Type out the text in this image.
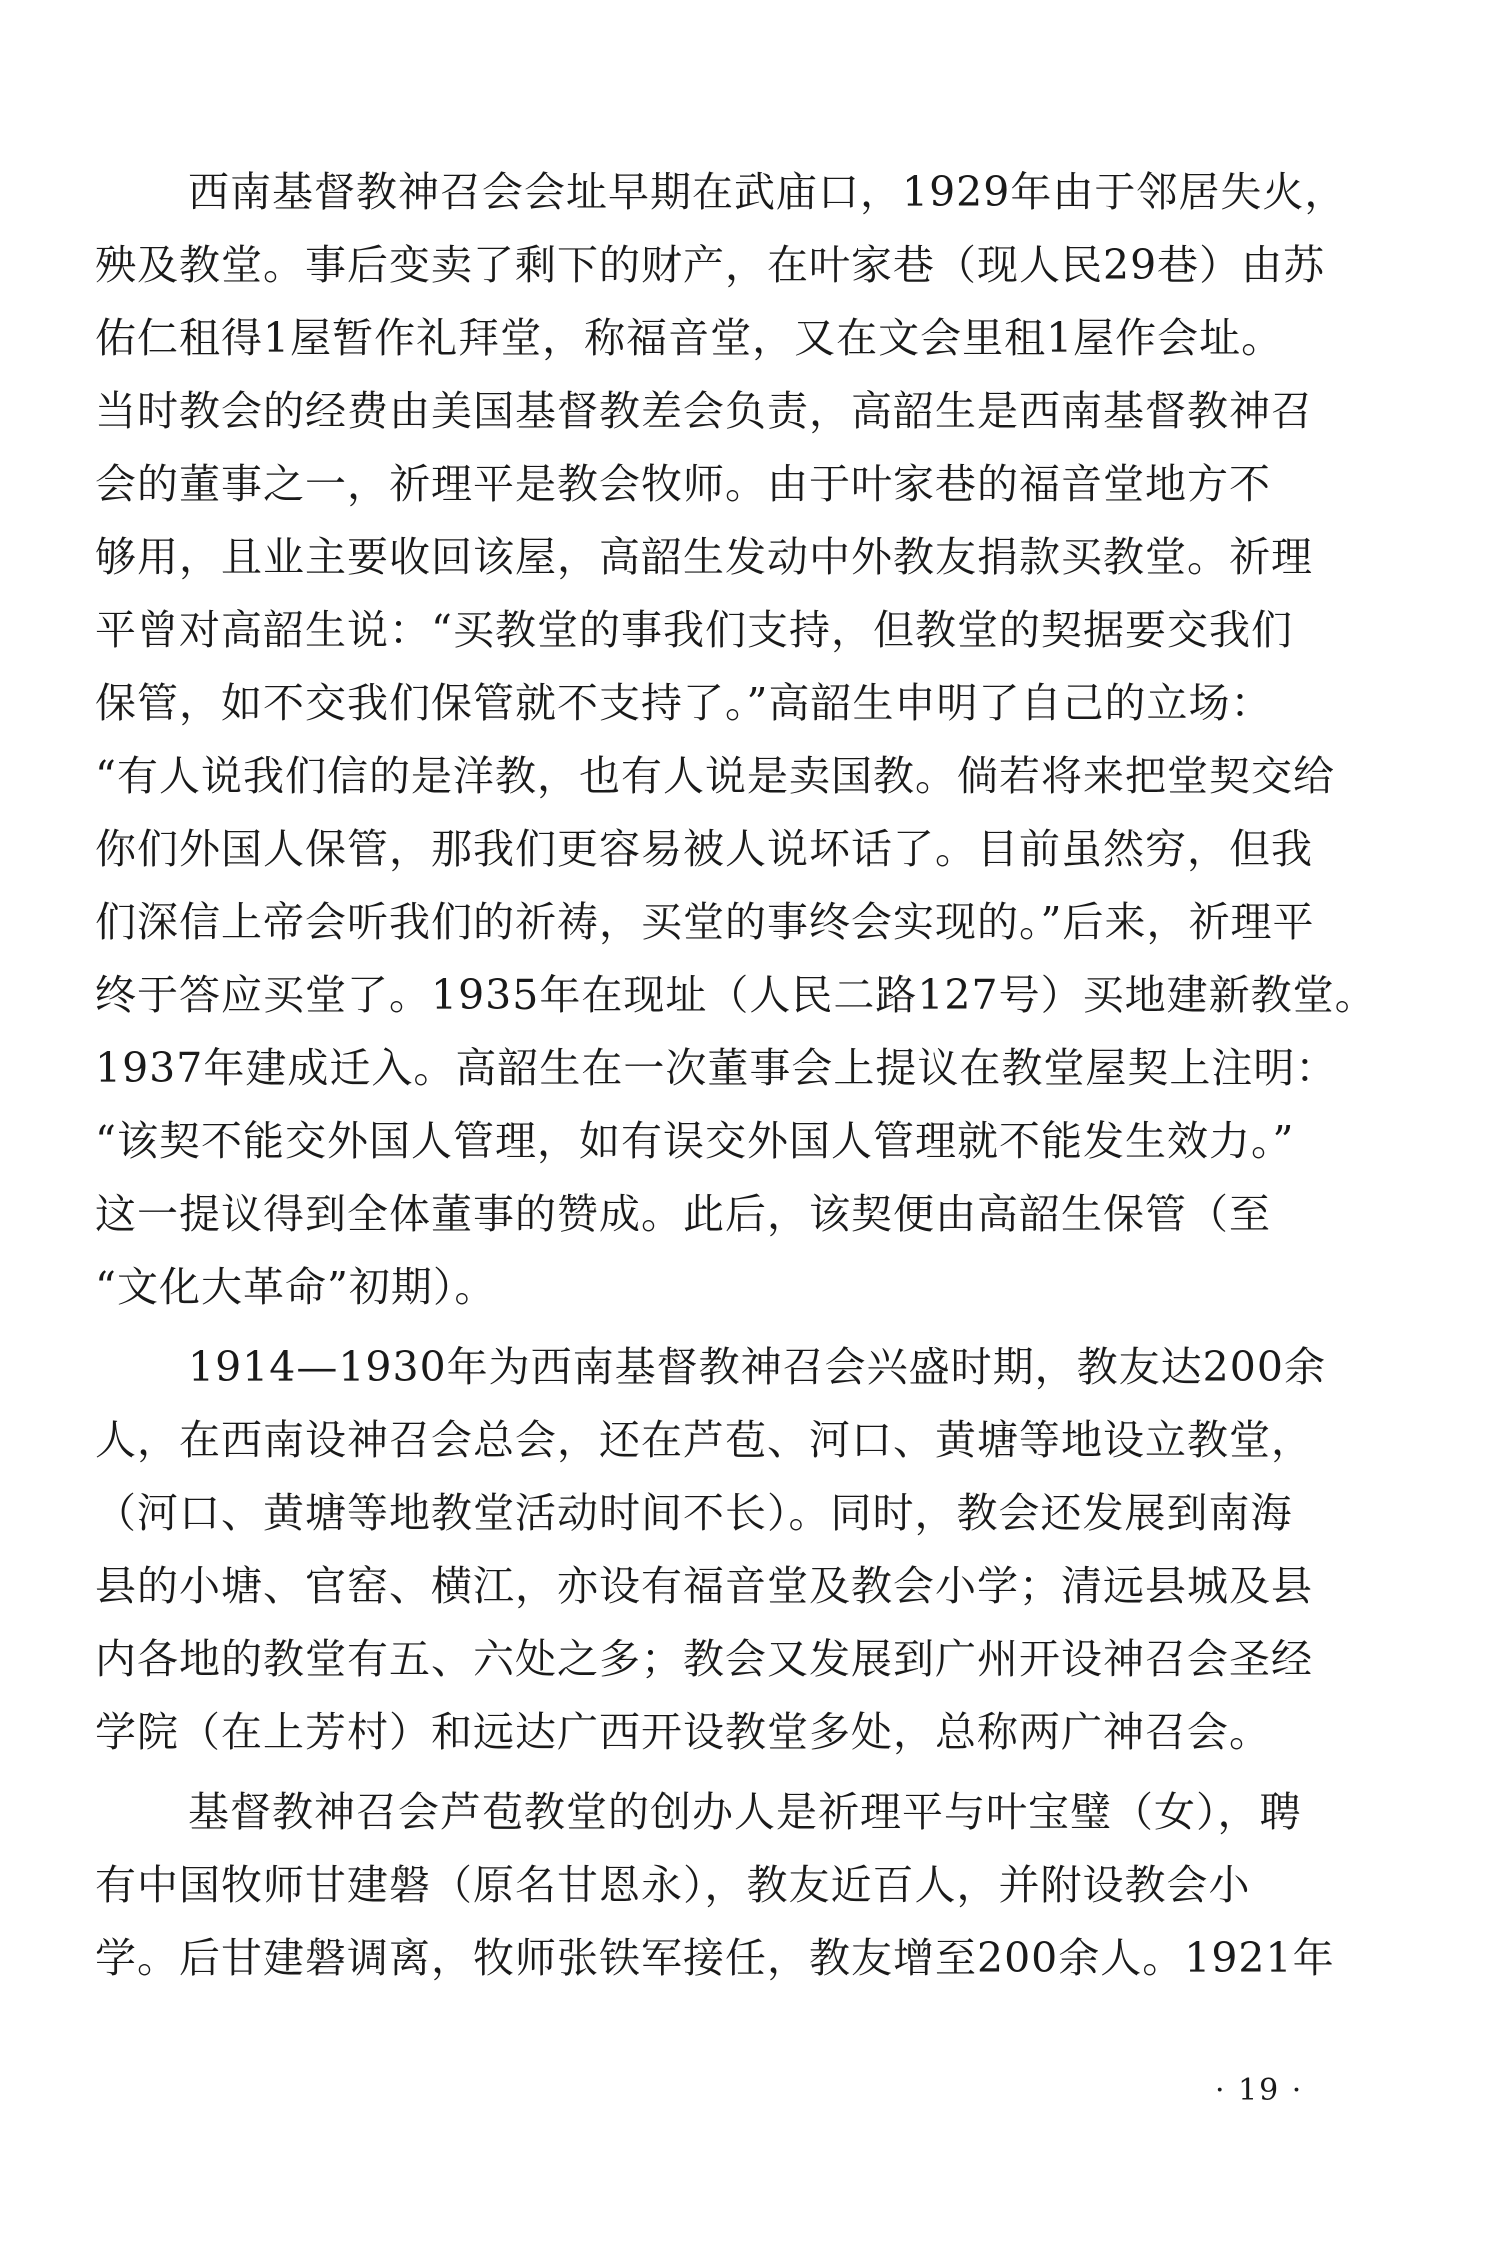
西南基督教神召会会址早期在武庙口，1929年由于邻居失火，
殃及教堂。事后变卖了剩下的财产，在叶家巷（现人民29巷）由苏
佑仁租得1屋暂作礼拜堂，称福音堂，又在文会里租1屋作会址。
当时教会的经费由美国基督教差会负责，高韶生是西南基督教神召
会的董事之一，祈理平是教会牧师。由于叶家巷的福音堂地方不
够用，且业主要收回该屋，高韶生发动中外教友捐款买教堂。祈理
平曾对高韶生说：“买教堂的事我们支持，但教堂的契据要交我们
保管，如不交我们保管就不支持了。”高韶生申明了自己的立场：
“有人说我们信的是洋教，也有人说是卖国教。倘若将来把堂契交给
你们外国人保管，那我们更容易被人说坏话了。目前虽然穷，但我
们深信上帝会听我们的祈祷，买堂的事终会实现的。”后来，祈理平
终于答应买堂了。1935年在现址（人民二路127号）买地建新教堂。
1937年建成迁入。高韶生在一次董事会上提议在教堂屋契上注明：
“该契不能交外国人管理，如有误交外国人管理就不能发生效力。”
这一提议得到全体董事的赞成。此后，该契便由高韶生保管（至
“文化大革命”初期）。
1914—1930年为西南基督教神召会兴盛时期，教友达200余
人，在西南设神召会总会，还在芦苞、河口、黄塘等地设立教堂，
（河口、黄塘等地教堂活动时间不长）。同时，教会还发展到南海
县的小塘、官窑、横江，亦设有福音堂及教会小学；清远县城及县
内各地的教堂有五、六处之多；教会又发展到广州开设神召会圣经
学院（在上芳村）和远达广西开设教堂多处，总称两广神召会。
基督教神召会芦苞教堂的创办人是祈理平与叶宝璧（女），聘
有中国牧师甘建磐（原名甘恩永），教友近百人，并附设教会小
学。后甘建磐调离，牧师张铁军接任，教友增至200余人。1921年
· 19 ·
